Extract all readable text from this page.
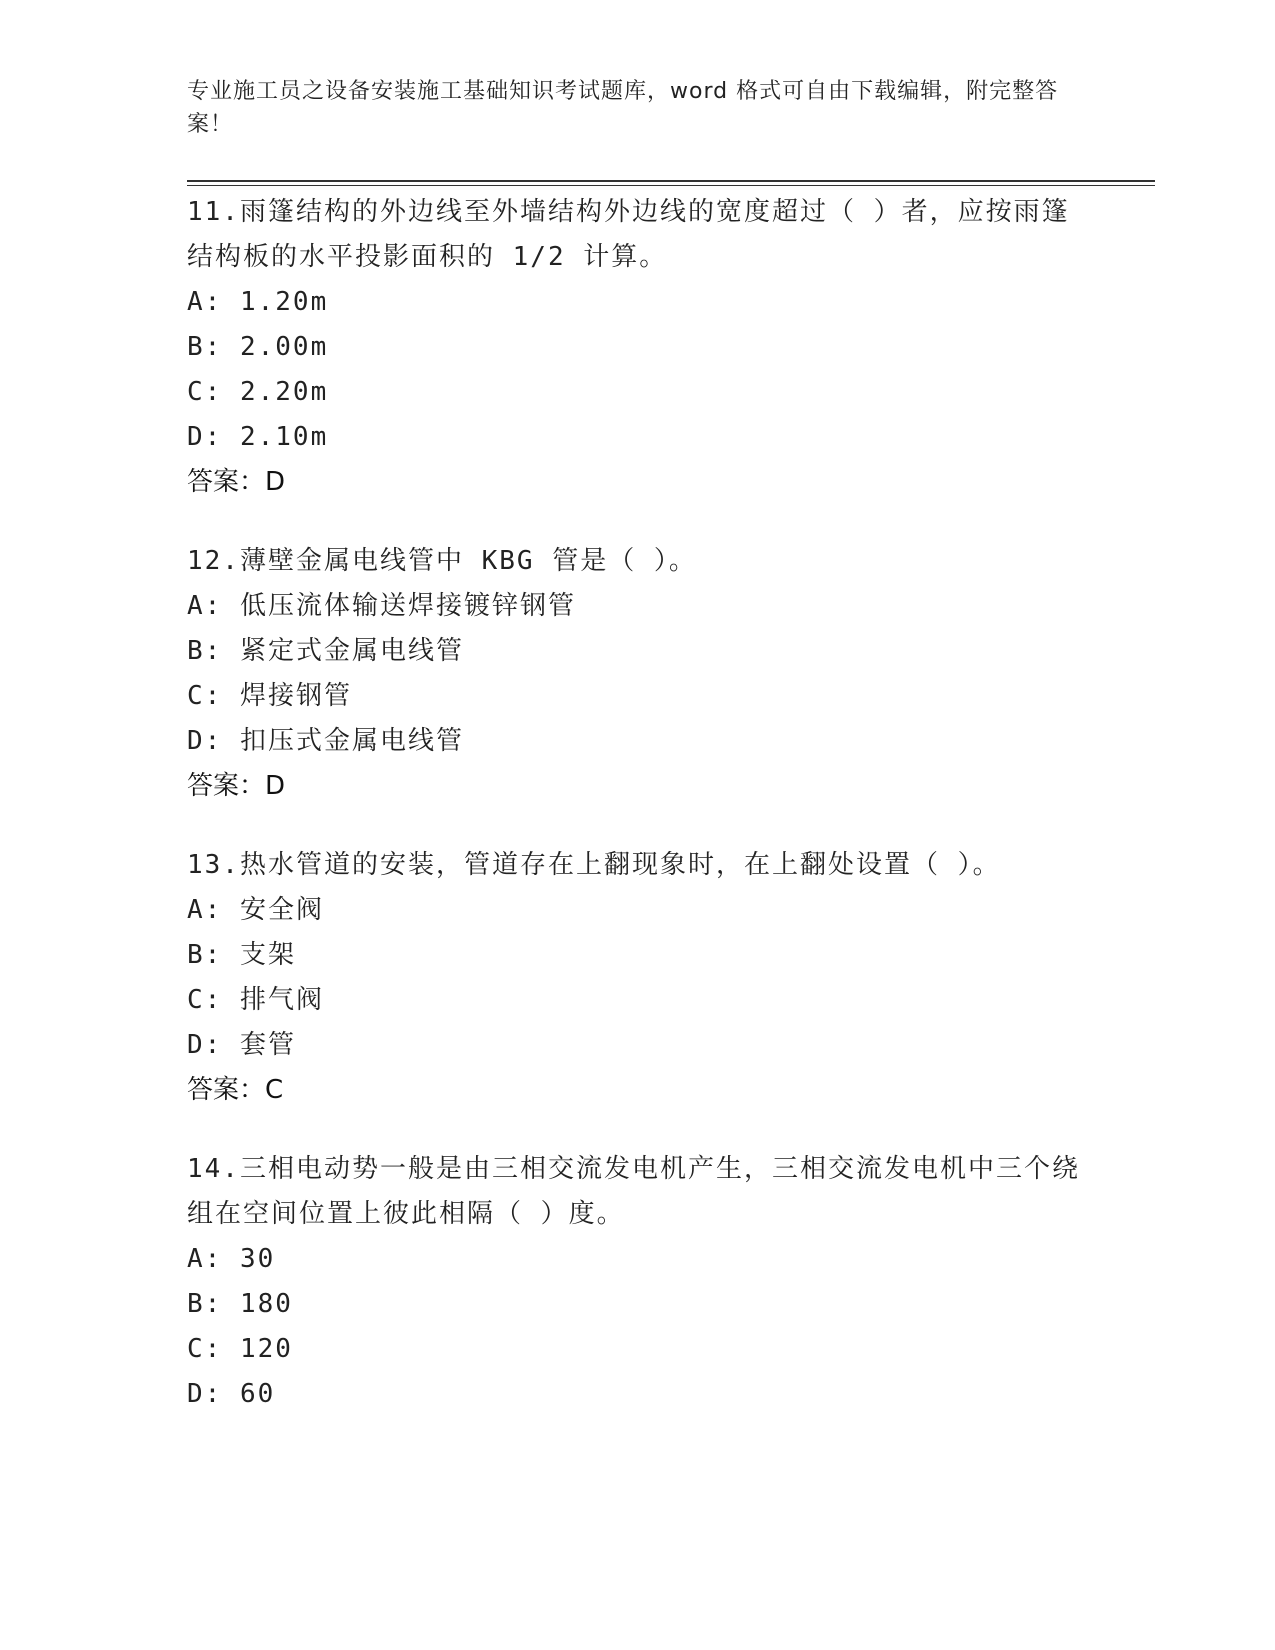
专业施工员之设备安装施工基础知识考试题库，word 格式可自由下载编辑，附完整答案！
11.雨篷结构的外边线至外墙结构外边线的宽度超过（ ）者，应按雨篷结构板的水平投影面积的 1/2 计算。
A: 1.20m
B: 2.00m
C: 2.20m
D: 2.10m
答案：D
12.薄壁金属电线管中 KBG 管是（ ）。
A: 低压流体输送焊接镀锌钢管
B: 紧定式金属电线管
C: 焊接钢管
D: 扣压式金属电线管
答案：D
13.热水管道的安装，管道存在上翻现象时，在上翻处设置（ ）。
A: 安全阀
B: 支架
C: 排气阀
D: 套管
答案：C
14.三相电动势一般是由三相交流发电机产生，三相交流发电机中三个绕组在空间位置上彼此相隔（ ）度。
A: 30
B: 180
C: 120
D: 60
